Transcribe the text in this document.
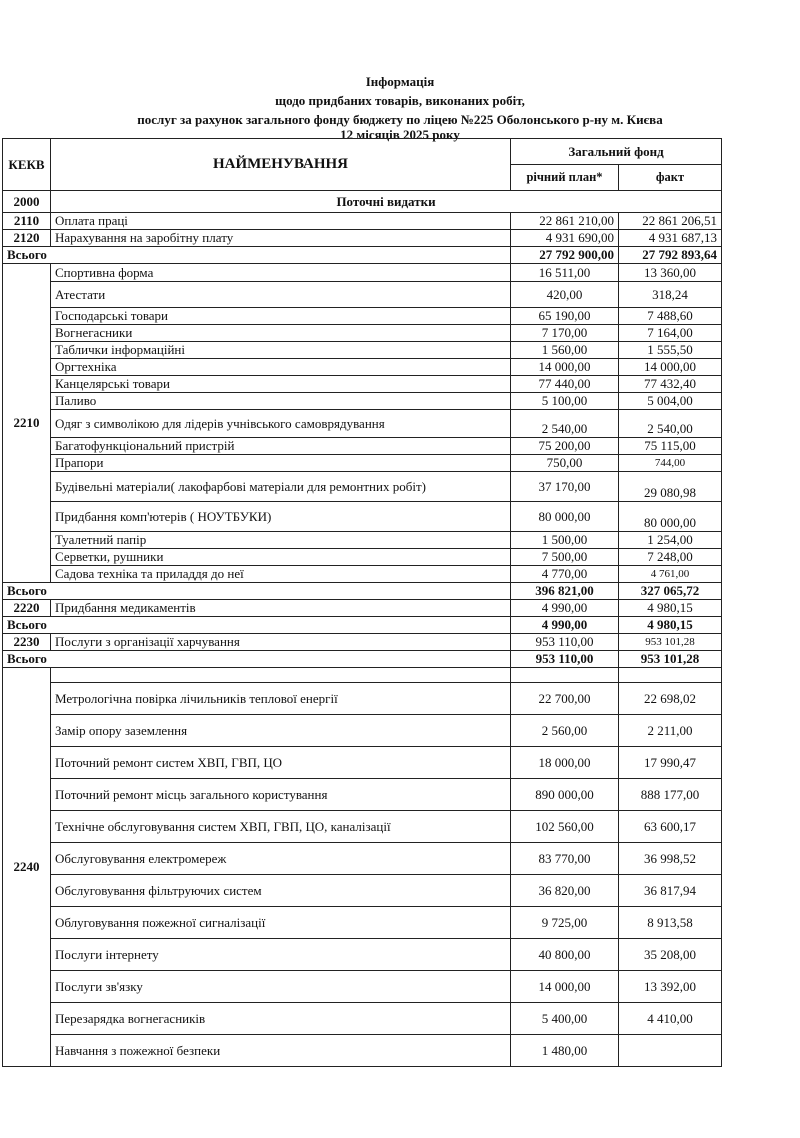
Інформація
щодо придбаних товарів, виконаних робіт,
послуг за рахунок загального фонду бюджету по ліцею №225 Оболонського р-ну м. Києва
12 місяців 2025 року
КЕКВ	НАЙМЕНУВАННЯ	Загальний фонд	
		річний план*	факт
2000	Поточні видатки		
2110	Оплата праці	22 861 210,00	22 861 206,51
2120	Нарахування на заробітну плату	4 931 690,00	4 931 687,13
Всього		27 792 900,00	27 792 893,64
2210	Спортивна форма	16 511,00	13 360,00
	Атестати	420,00	318,24
	Господарські товари	65 190,00	7 488,60
	Вогнегасники	7 170,00	7 164,00
	Таблички інформаційні	1 560,00	1 555,50
	Оргтехніка	14 000,00	14 000,00
	Канцелярські товари	77 440,00	77 432,40
	Паливо	5 100,00	5 004,00
	Одяг з символікою для лідерів учнівського самоврядування	2 540,00	2 540,00
	Багатофункціональний пристрій	75 200,00	75 115,00
	Прапори	750,00	744,00
	Будівельні матеріали( лакофарбові матеріали для ремонтних робіт)	37 170,00	29 080,98
	Придбання комп'ютерів ( НОУТБУКИ)	80 000,00	80 000,00
	Туалетний папір	1 500,00	1 254,00
	Серветки, рушники	7 500,00	7 248,00
	Садова техніка та приладдя до неї	4 770,00	4 761,00
Всього		396 821,00	327 065,72
2220	Придбання медикаментів	4 990,00	4 980,15
Всього		4 990,00	4 980,15
2230	Послуги з організації харчування	953 110,00	953 101,28
Всього		953 110,00	953 101,28
2240			
	Метрологічна повірка лічильників теплової енергії	22 700,00	22 698,02
	Замір опору заземлення	2 560,00	2 211,00
	Поточний ремонт систем ХВП, ГВП, ЦО	18 000,00	17 990,47
	Поточний ремонт місць загального користування	890 000,00	888 177,00
	Технічне обслуговування систем ХВП, ГВП, ЦО, каналізації	102 560,00	63 600,17
	Обслуговування електромереж	83 770,00	36 998,52
	Обслуговування фільтруючих систем	36 820,00	36 817,94
	Облуговування пожежної сигналізації	9 725,00	8 913,58
	Послуги інтернету	40 800,00	35 208,00
	Послуги зв'язку	14 000,00	13 392,00
	Перезарядка вогнегасників	5 400,00	4 410,00
	Навчання з пожежної безпеки	1 480,00	
